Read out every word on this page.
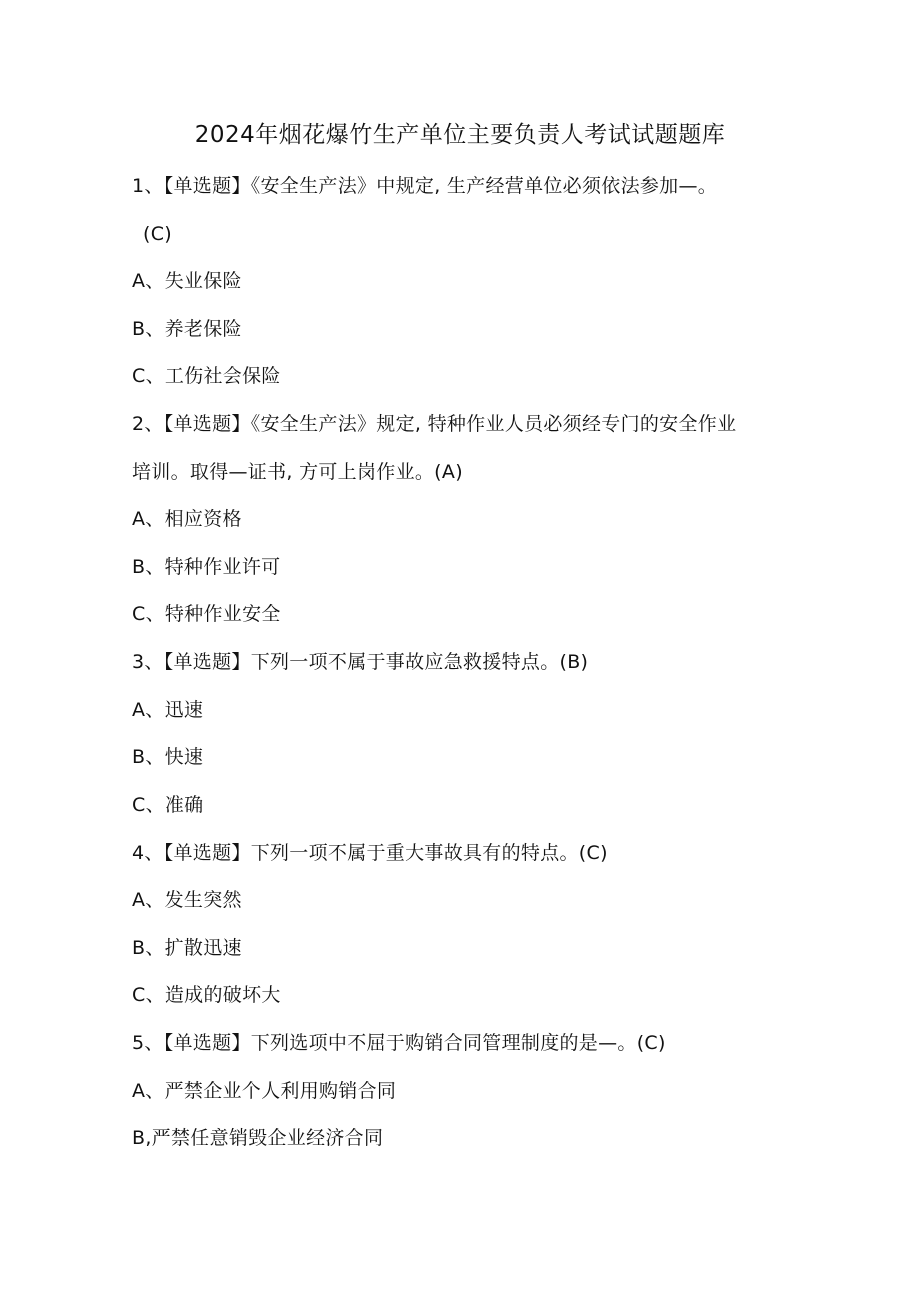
2024年烟花爆竹生产单位主要负责人考试试题题库
1、【单选题】《安全生产法》中规定, 生产经营单位必须依法参加—。
(C)
A、失业保险
B、养老保险
C、工伤社会保险
2、【单选题】《安全生产法》规定, 特种作业人员必须经专门的安全作业
培训。取得—证书, 方可上岗作业。(A)
A、相应资格
B、特种作业许可
C、特种作业安全
3、【单选题】下列一项不属于事故应急救援特点。(B)
A、迅速
B、快速
C、准确
4、【单选题】下列一项不属于重大事故具有的特点。(C)
A、发生突然
B、扩散迅速
C、造成的破坏大
5、【单选题】下列选项中不屈于购销合同管理制度的是—。(C)
A、严禁企业个人利用购销合同
B,严禁任意销毁企业经济合同
